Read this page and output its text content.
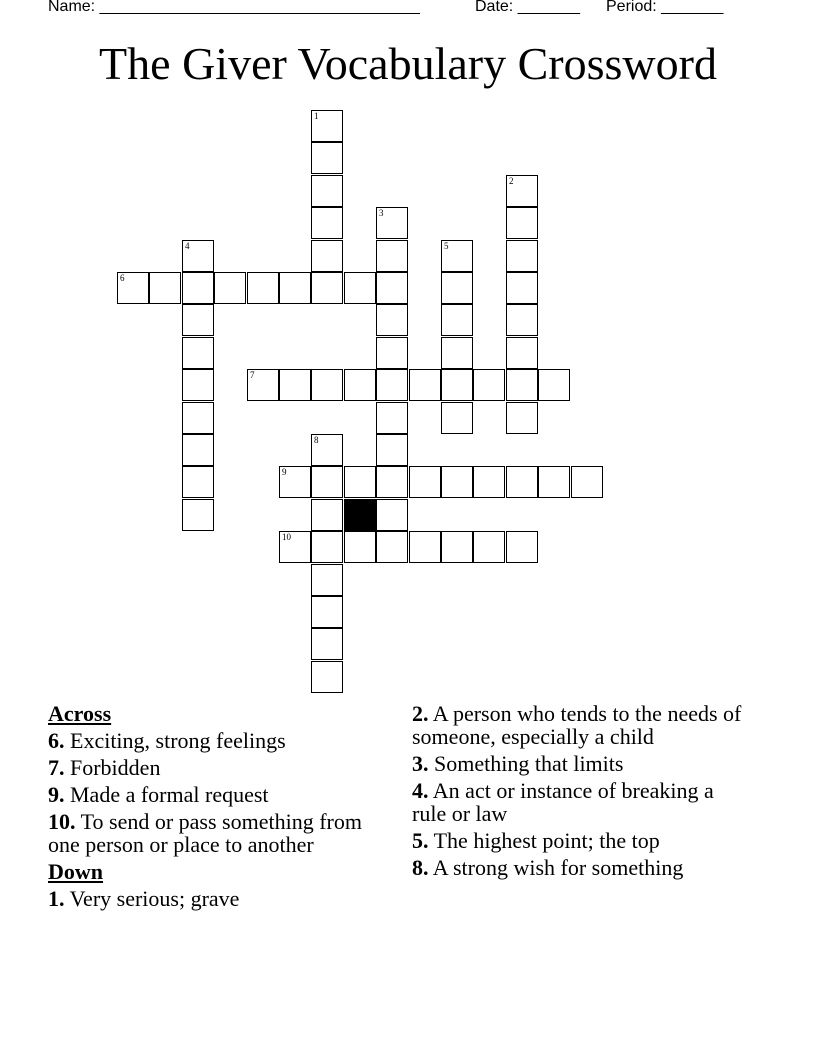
Name: ____________________________________

	Date: _______

Period: _______

The Giver Vocabulary Crossword
1
2
3
4	5
6
7
8
9
10
Across
6. Exciting, strong feelings
7. Forbidden
9. Made a formal request
10. To send or pass something from one person or place to another
Down
1. Very serious; grave
2. A person who tends to the needs of someone, especially a child
3. Something that limits
4. An act or instance of breaking a rule or law
5. The highest point; the top
8. A strong wish for something
